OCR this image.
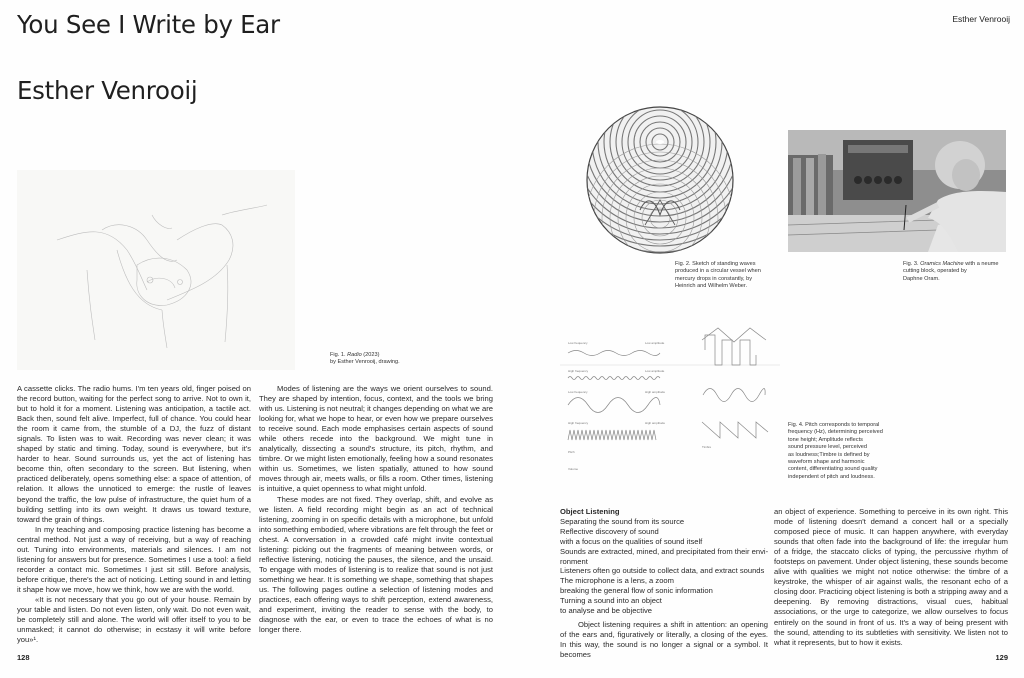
You See I Write by Ear
Esther Venrooij
Fig. 1. Radio (2023)
by Esther Venrooij, drawing.

A cassette clicks. The radio hums. I'm ten years old, finger poised on the record button, waiting for the perfect song to arrive. Not to own it, but to hold it for a moment. Listening was anticipation, a tactile act. Back then, sound felt alive. Imperfect, full of chance. You could hear the room it came from, the stumble of a DJ, the fuzz of distant signals. To listen was to wait. Recording was never clean; it was shaped by static and timing. Today, sound is everywhere, but it's harder to hear. Sound surrounds us, yet the act of listening has become thin, often secondary to the screen. But listening, when practiced deliberately, opens something else: a space of attention, of relation. It allows the unnoticed to emerge: the rustle of leaves beyond the traffic, the low pulse of infrastructure, the quiet hum of a building settling into its own weight. It draws us toward texture, toward the grain of things.

In my teaching and composing practice listening has become a central method. Not just a way of receiving, but a way of reaching out. Tuning into environments, materials and silences. I am not listening for answers but for presence. Sometimes I use a tool: a field recorder a contact mic. Sometimes I just sit still. Before analysis, before critique, there's the act of noticing. Letting sound in and letting it shape how we move, how we think, how we are with the world.

«It is not necessary that you go out of your house. Remain by your table and listen. Do not even listen, only wait. Do not even wait, be completely still and alone. The world will offer itself to you to be unmasked; it cannot do otherwise; in ecstasy it will write before you»¹.

Modes of listening are the ways we orient ourselves to sound. They are shaped by intention, focus, context, and the tools we bring with us. Listening is not neutral; it changes depending on what we are looking for, what we hope to hear, or even how we prepare ourselves to receive sound. Each mode emphasises certain aspects of sound while others recede into the background. We might tune in analytically, dissecting a sound's structure, its pitch, rhythm, and timbre. Or we might listen emotionally, feeling how a sound resonates within us. Sometimes, we listen spatially, attuned to how sound moves through air, meets walls, or fills a room. Other times, listening is intuitive, a quiet openness to what might unfold.

These modes are not fixed. They overlap, shift, and evolve as we listen. A field recording might begin as an act of technical listening, zooming in on specific details with a microphone, but unfold into something embodied, where vibrations are felt through the feet or chest. A conversation in a crowded café might invite contextual listening: picking out the fragments of meaning between words, or reflective listening, noticing the pauses, the silence, and the unsaid. To engage with modes of listening is to realize that sound is not just something we hear. It is something we shape, something that shapes us. The following pages outline a selection of listening modes and practices, each offering ways to shift perception, extend awareness, and experiment, inviting the reader to sense with the body, to diagnose with the ear, or even to trace the echoes of what is no longer there.

128
Esther Venrooij
Fig. 2. Sketch of standing waves
produced in a circular vessel when
mercury drops in constantly, by
Heinrich and Wilhelm Weber.
Fig. 3. Oramics Machine with a neume
cutting block, operated by
Daphne Oram.
Low frequency	Low amplitude
High frequency	Low amplitude
Low frequency	High amplitude
High frequency	High amplitude
Pitch
Volume
Timbre
Fig. 4. Pitch corresponds to temporal
frequency (Hz), determining perceived
tone height; Amplitude reflects
sound pressure level, perceived
as loudness;Timbre is defined by
waveform shape and harmonic
content, differentiating sound quality
independent of pitch and loudness.
Object Listening
Separating the sound from its source
Reflective discovery of sound
with a focus on the qualities of sound itself
Sounds are extracted, mined, and precipitated from their envi-
ronment
Listeners often go outside to collect data, and extract sounds
The microphone is a lens, a zoom
breaking the general flow of sonic information
Turning a sound into an object
to analyse and be objective

Object listening requires a shift in attention: an opening of the ears and, figuratively or literally, a closing of the eyes. In this way, the sound is no longer a signal or a symbol. It becomes

an object of experience. Something to perceive in its own right. This mode of listening doesn't demand a concert hall or a specially composed piece of music. It can happen anywhere, with everyday sounds that often fade into the background of life: the irregular hum of a fridge, the staccato clicks of typing, the percussive rhythm of footsteps on pavement. Under object listening, these sounds become alive with qualities we might not notice otherwise: the timbre of a keystroke, the whisper of air against walls, the resonant echo of a closing door. Practicing object listening is both a stripping away and a deepening. By removing distractions, visual cues, habitual associations, or the urge to categorize, we allow ourselves to focus entirely on the sound in front of us. It's a way of being present with the sound, attending to its subtleties with sensitivity. We listen not to what it represents, but to how it exists.

129
